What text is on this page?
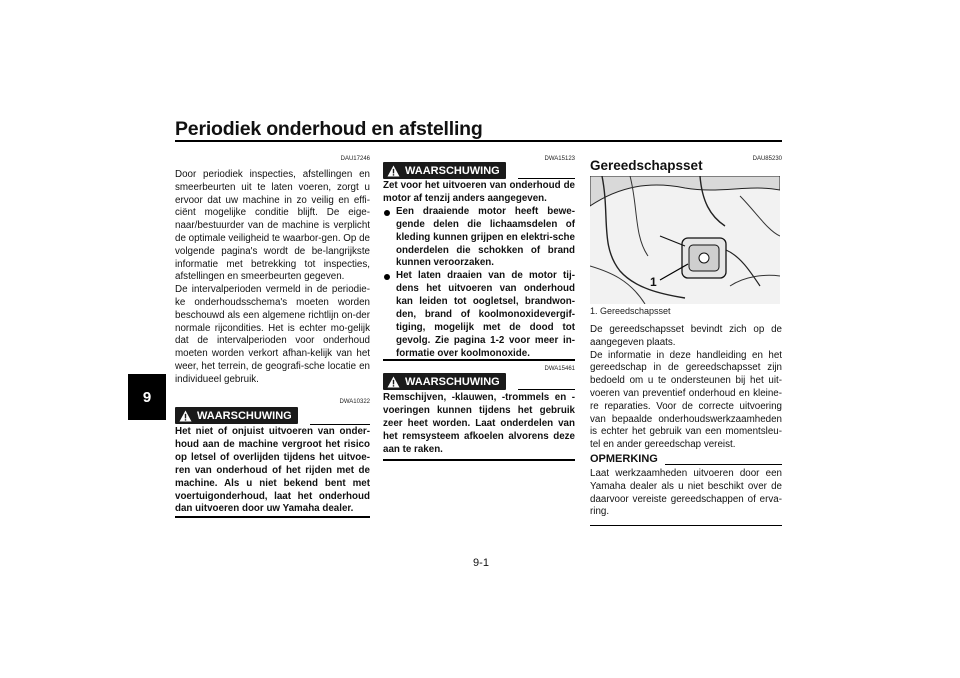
Periodiek onderhoud en afstelling
9
DAU17246

Door periodiek inspecties, afstellingen en smeerbeurten uit te laten voeren, zorgt u ervoor dat uw machine in zo veilig en effi-ciënt mogelijke conditie blijft. De eige-naar/bestuurder van de machine is verplicht de optimale veiligheid te waarbor-gen. Op de volgende pagina's wordt de be-langrijkste informatie met betrekking tot inspecties, afstellingen en smeerbeurten gegeven.

De intervalperioden vermeld in de periodie-ke onderhoudsschema's moeten worden beschouwd als een algemene richtlijn on-der normale rijcondities. Het is echter mo-gelijk dat de intervalperioden voor onderhoud moeten worden verkort afhan-kelijk van het weer, het terrein, de geografi-sche locatie en individueel gebruik.

DWA10322
WAARSCHUWING
Het niet of onjuist uitvoeren van onder-houd aan de machine vergroot het risico op letsel of overlijden tijdens het uitvoe-ren van onderhoud of het rijden met de machine. Als u niet bekend bent met voertuigonderhoud, laat het onderhoud dan uitvoeren door uw Yamaha dealer.
DWA15123
WAARSCHUWING
Zet voor het uitvoeren van onderhoud de motor af tenzij anders aangegeven.
Een draaiende motor heeft bewe-gende delen die lichaamsdelen of kleding kunnen grijpen en elektri-sche onderdelen die schokken of brand kunnen veroorzaken.
Het laten draaien van de motor tij-dens het uitvoeren van onderhoud kan leiden tot oogletsel, brandwon-den, brand of koolmonoxidevergif-tiging, mogelijk met de dood tot gevolg. Zie pagina 1-2 voor meer in-formatie over koolmonoxide.
DWA15461
WAARSCHUWING
Remschijven, -klauwen, -trommels en -voeringen kunnen tijdens het gebruik zeer heet worden. Laat onderdelen van het remsysteem afkoelen alvorens deze aan te raken.
DAU85230
Gereedschapsset
1
1. Gereedschapsset

De gereedschapsset bevindt zich op de aangegeven plaats.

De informatie in deze handleiding en het gereedschap in de gereedschapsset zijn bedoeld om u te ondersteunen bij het uit-voeren van preventief onderhoud en kleine-re reparaties. Voor de correcte uitvoering van bepaalde onderhoudswerkzaamheden is echter het gebruik van een momentsleu-tel en ander gereedschap vereist.

OPMERKING
Laat werkzaamheden uitvoeren door een Yamaha dealer als u niet beschikt over de daarvoor vereiste gereedschappen of erva-ring.
9-1
